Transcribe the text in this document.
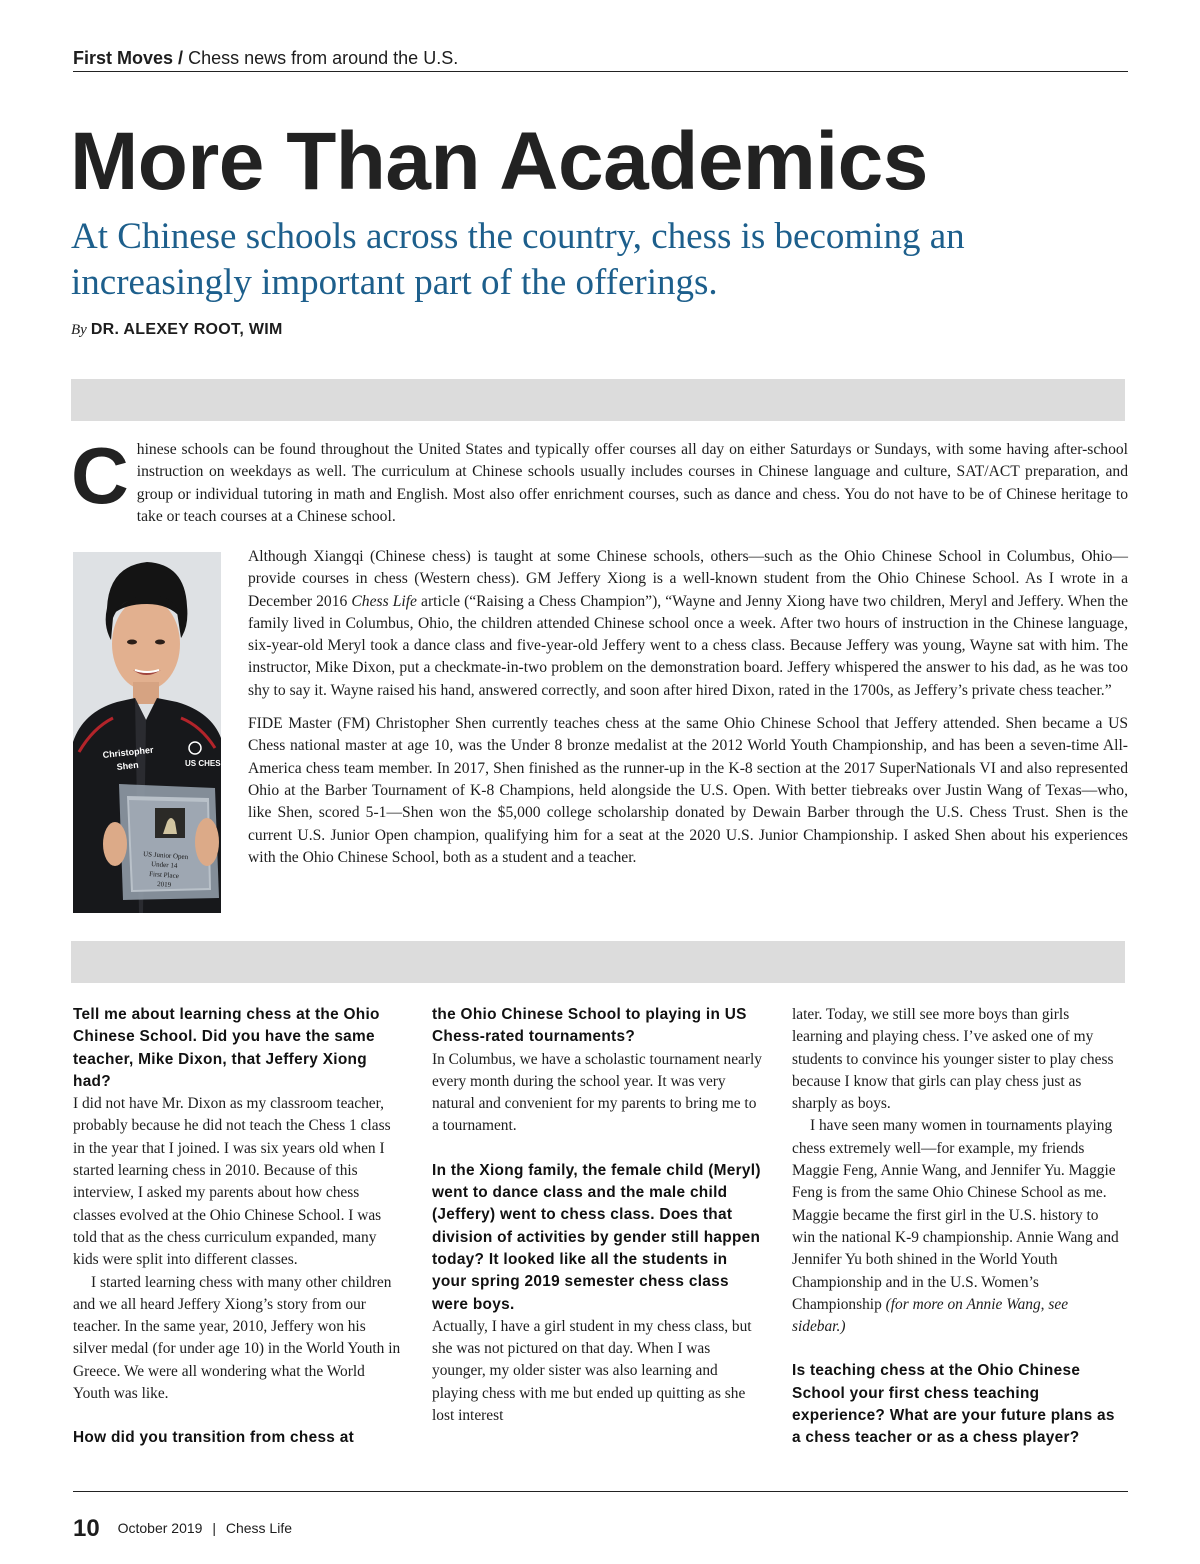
First Moves / Chess news from around the U.S.
More Than Academics
At Chinese schools across the country, chess is becoming an increasingly important part of the offerings.
By DR. ALEXEY ROOT, WIM
Chinese schools can be found throughout the United States and typically offer courses all day on either Saturdays or Sundays, with some having after-school instruction on weekdays as well. The curriculum at Chinese schools usually includes courses in Chinese language and culture, SAT/ACT preparation, and group or individual tutoring in math and English. Most also offer enrichment courses, such as dance and chess. You do not have to be of Chinese heritage to take or teach courses at a Chinese school.
Christopher
Shen	US CHESS
US Junior Open
Under 14
First Place
2019

Although Xiangqi (Chinese chess) is taught at some Chinese schools, others—such as the Ohio Chinese School in Columbus, Ohio—provide courses in chess (Western chess). GM Jeffery Xiong is a well-known student from the Ohio Chinese School. As I wrote in a December 2016 Chess Life article (“Raising a Chess Champion”), “Wayne and Jenny Xiong have two children, Meryl and Jeffery. When the family lived in Columbus, Ohio, the children attended Chinese school once a week. After two hours of instruction in the Chinese language, six-year-old Meryl took a dance class and five-year-old Jeffery went to a chess class. Because Jeffery was young, Wayne sat with him. The instructor, Mike Dixon, put a checkmate-in-two problem on the demonstration board. Jeffery whispered the answer to his dad, as he was too shy to say it. Wayne raised his hand, answered correctly, and soon after hired Dixon, rated in the 1700s, as Jeffery’s private chess teacher.”

FIDE Master (FM) Christopher Shen currently teaches chess at the same Ohio Chinese School that Jeffery attended. Shen became a US Chess national master at age 10, was the Under 8 bronze medalist at the 2012 World Youth Championship, and has been a seven-time All-America chess team member. In 2017, Shen finished as the runner-up in the K-8 section at the 2017 SuperNationals VI and also represented Ohio at the Barber Tournament of K-8 Champions, held alongside the U.S. Open. With better tiebreaks over Justin Wang of Texas—who, like Shen, scored 5-1—Shen won the $5,000 college scholarship donated by Dewain Barber through the U.S. Chess Trust. Shen is the current U.S. Junior Open champion, qualifying him for a seat at the 2020 U.S. Junior Championship. I asked Shen about his experiences with the Ohio Chinese School, both as a student and a teacher.

Tell me about learning chess at the Ohio Chinese School. Did you have the same teacher, Mike Dixon, that Jeffery Xiong had?

I did not have Mr. Dixon as my classroom teacher, probably because he did not teach the Chess 1 class in the year that I joined. I was six years old when I started learning chess in 2010. Because of this interview, I asked my parents about how chess classes evolved at the Ohio Chinese School. I was told that as the chess curriculum expanded, many kids were split into different classes.

I started learning chess with many other children and we all heard Jeffery Xiong’s story from our teacher. In the same year, 2010, Jeffery won his silver medal (for under age 10) in the World Youth in Greece. We were all wondering what the World Youth was like.

How did you transition from chess at

the Ohio Chinese School to playing in US Chess-rated tournaments?

In Columbus, we have a scholastic tournament nearly every month during the school year. It was very natural and convenient for my parents to bring me to a tournament.

In the Xiong family, the female child (Meryl) went to dance class and the male child (Jeffery) went to chess class. Does that division of activities by gender still happen today? It looked like all the students in your spring 2019 semester chess class were boys.

Actually, I have a girl student in my chess class, but she was not pictured on that day. When I was younger, my older sister was also learning and playing chess with me but ended up quitting as she lost interest

later. Today, we still see more boys than girls learning and playing chess. I’ve asked one of my students to convince his younger sister to play chess because I know that girls can play chess just as sharply as boys.

I have seen many women in tournaments playing chess extremely well—for example, my friends Maggie Feng, Annie Wang, and Jennifer Yu. Maggie Feng is from the same Ohio Chinese School as me. Maggie became the first girl in the U.S. history to win the national K-9 championship. Annie Wang and Jennifer Yu both shined in the World Youth Championship and in the U.S. Women’s Championship (for more on Annie Wang, see sidebar.)

Is teaching chess at the Ohio Chinese School your first chess teaching experience? What are your future plans as a chess teacher or as a chess player?

10 October 2019 | Chess Life
